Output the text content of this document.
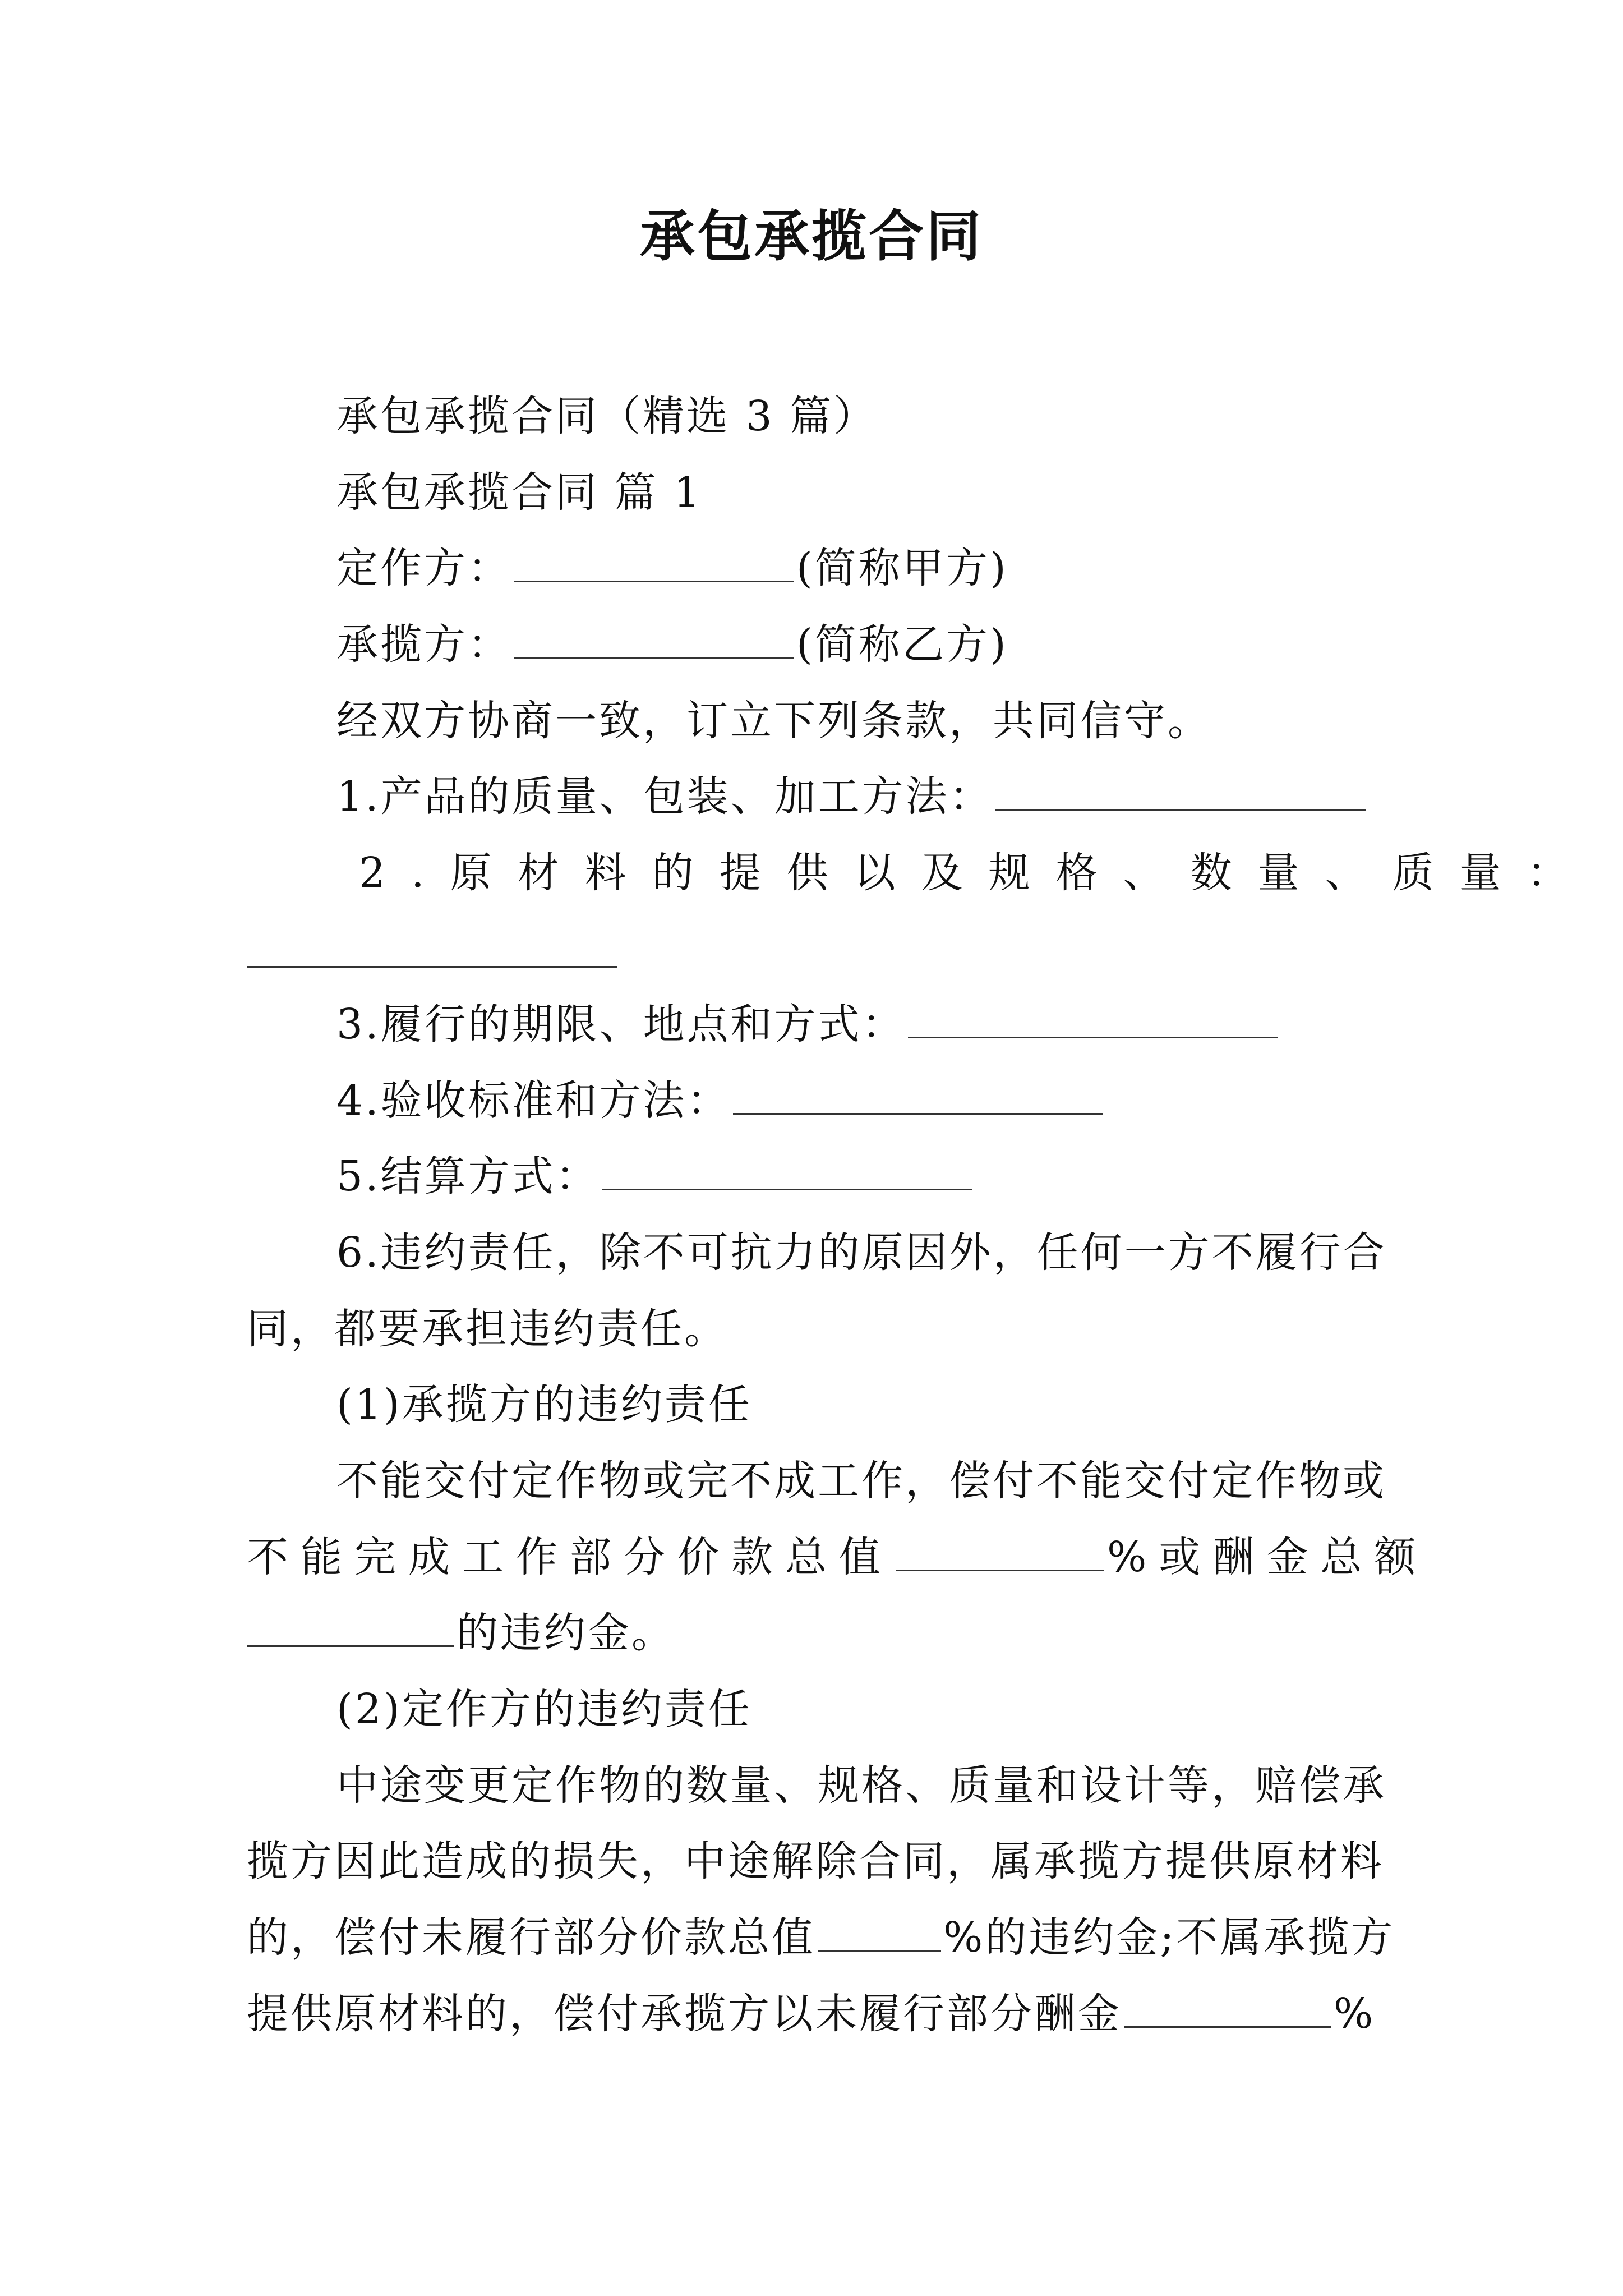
承包承揽合同
承包承揽合同（精选 3 篇）
承包承揽合同 篇 1
定作方：	(简称甲方)
承揽方：	(简称乙方)
经双方协商一致，订立下列条款，共同信守。
1.产品的质量、包装、加工方法：
2.原材料的提供以及规格、数量、质量：
3.履行的期限、地点和方式：
4.验收标准和方法：
5.结算方式：
6.违约责任，除不可抗力的原因外，任何一方不履行合
同，都要承担违约责任。
(1)承揽方的违约责任
不能交付定作物或完不成工作，偿付不能交付定作物或
不能完成工作部分价款总值	%或酬金总额
的违约金。
(2)定作方的违约责任
中途变更定作物的数量、规格、质量和设计等，赔偿承
揽方因此造成的损失，中途解除合同，属承揽方提供原材料
的，偿付未履行部分价款总值	%的违约金;不属承揽方
提供原材料的，偿付承揽方以未履行部分酬金	%
